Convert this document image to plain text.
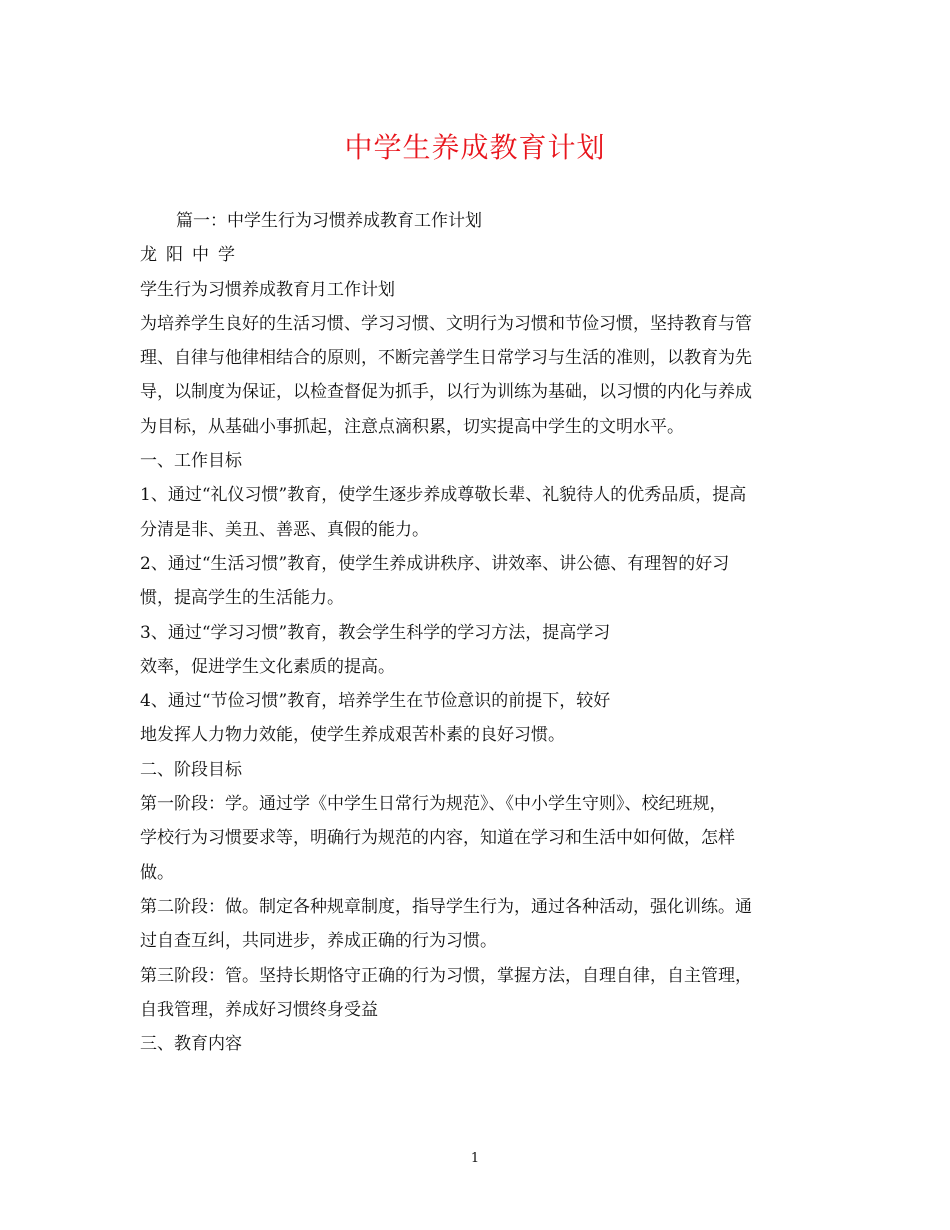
中学生养成教育计划
篇一：中学生行为习惯养成教育工作计划
龙阳中学
学生行为习惯养成教育月工作计划
为培养学生良好的生活习惯、学习习惯、文明行为习惯和节俭习惯，坚持教育与管
理、自律与他律相结合的原则，不断完善学生日常学习与生活的准则，以教育为先
导，以制度为保证，以检查督促为抓手，以行为训练为基础，以习惯的内化与养成
为目标，从基础小事抓起，注意点滴积累，切实提高中学生的文明水平。
一、工作目标
1、通过“礼仪习惯”教育，使学生逐步养成尊敬长辈、礼貌待人的优秀品质，提高
分清是非、美丑、善恶、真假的能力。
2、通过“生活习惯”教育，使学生养成讲秩序、讲效率、讲公德、有理智的好习
惯，提高学生的生活能力。
3、通过“学习习惯”教育，教会学生科学的学习方法，提高学习
效率，促进学生文化素质的提高。
4、通过“节俭习惯”教育，培养学生在节俭意识的前提下，较好
地发挥人力物力效能，使学生养成艰苦朴素的良好习惯。
二、阶段目标
第一阶段：学。通过学《中学生日常行为规范》、《中小学生守则》、校纪班规，
学校行为习惯要求等，明确行为规范的内容，知道在学习和生活中如何做，怎样
做。
第二阶段：做。制定各种规章制度，指导学生行为，通过各种活动，强化训练。通
过自查互纠，共同进步，养成正确的行为习惯。
第三阶段：管。坚持长期恪守正确的行为习惯，掌握方法，自理自律，自主管理，
自我管理，养成好习惯终身受益
三、教育内容
1
